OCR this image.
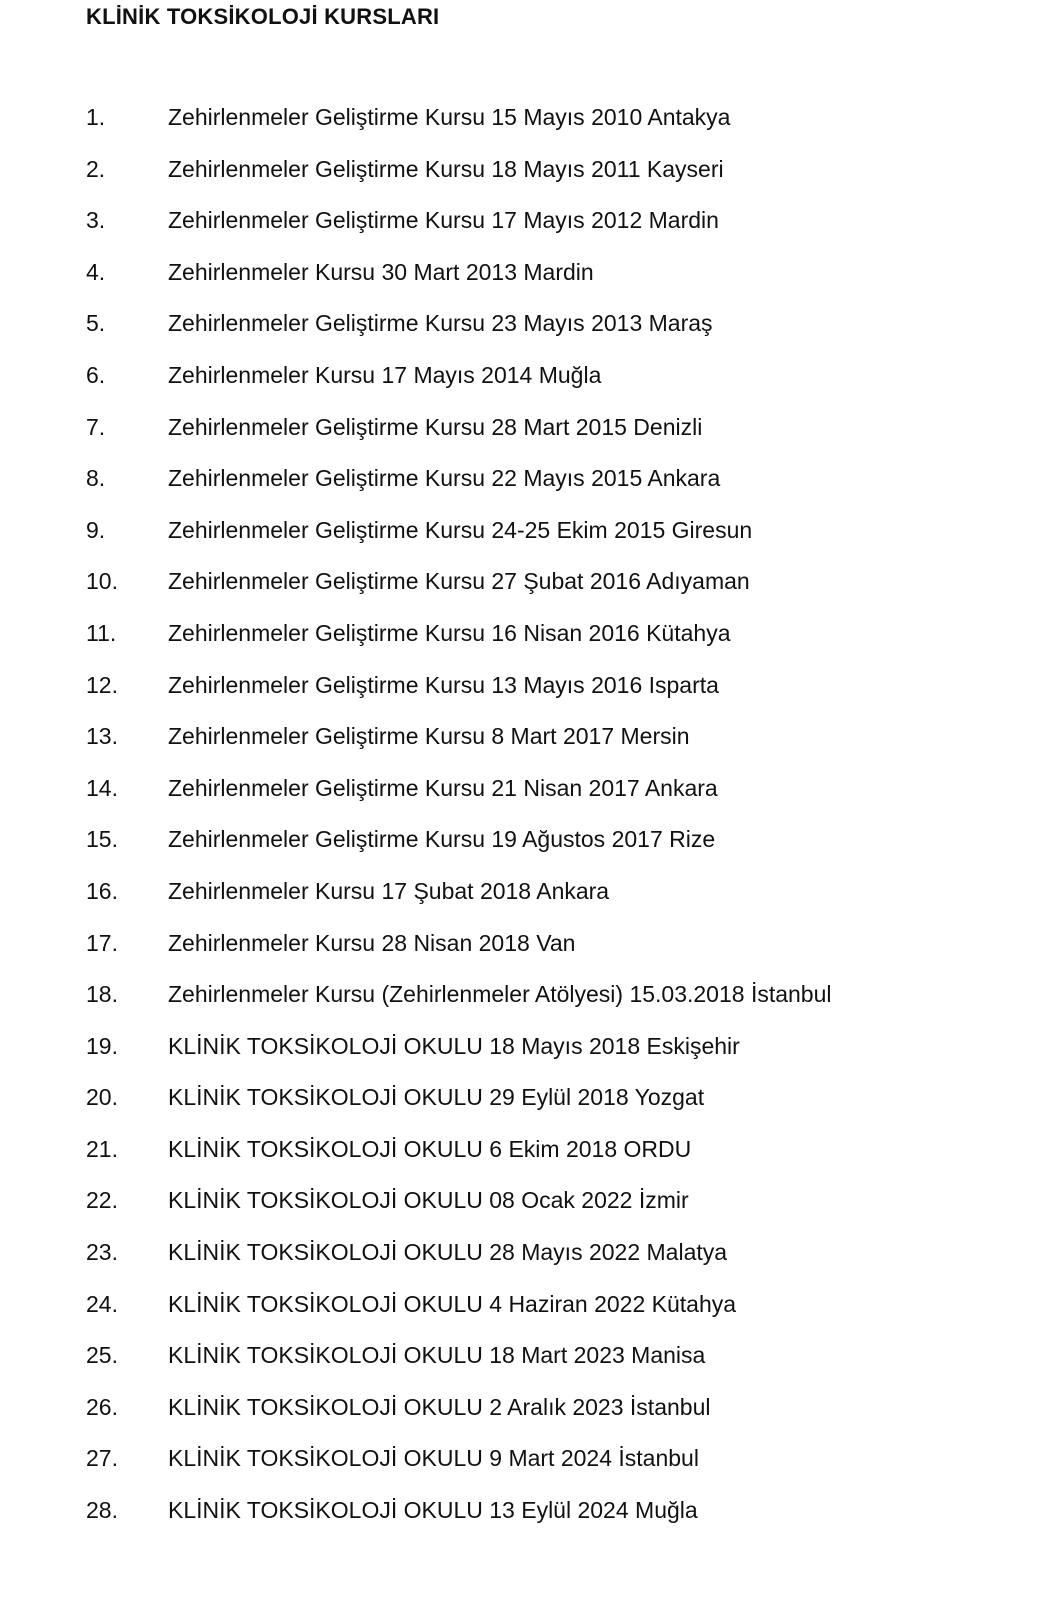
KLİNİK TOKSİKOLOJİ KURSLARI
1.	Zehirlenmeler Geliştirme Kursu 15 Mayıs 2010 Antakya
2.	Zehirlenmeler Geliştirme Kursu 18 Mayıs 2011 Kayseri
3.	Zehirlenmeler Geliştirme Kursu 17 Mayıs 2012 Mardin
4.	Zehirlenmeler Kursu 30 Mart 2013 Mardin
5.	Zehirlenmeler Geliştirme Kursu 23 Mayıs 2013 Maraş
6.	Zehirlenmeler Kursu 17 Mayıs 2014 Muğla
7.	Zehirlenmeler Geliştirme Kursu 28 Mart 2015 Denizli
8.	Zehirlenmeler Geliştirme Kursu 22 Mayıs 2015 Ankara
9.	Zehirlenmeler Geliştirme Kursu 24-25 Ekim 2015 Giresun
10. Zehirlenmeler Geliştirme Kursu 27 Şubat 2016 Adıyaman
11. Zehirlenmeler Geliştirme Kursu 16 Nisan 2016 Kütahya
12. Zehirlenmeler Geliştirme Kursu 13 Mayıs 2016 Isparta
13. Zehirlenmeler Geliştirme Kursu 8 Mart 2017 Mersin
14. Zehirlenmeler Geliştirme Kursu 21 Nisan 2017 Ankara
15. Zehirlenmeler Geliştirme Kursu 19 Ağustos 2017 Rize
16. Zehirlenmeler Kursu 17 Şubat 2018 Ankara
17. Zehirlenmeler Kursu 28 Nisan 2018 Van
18. Zehirlenmeler Kursu (Zehirlenmeler Atölyesi) 15.03.2018 İstanbul
19. KLİNİK TOKSİKOLOJİ OKULU 18 Mayıs 2018 Eskişehir
20. KLİNİK TOKSİKOLOJİ OKULU 29 Eylül 2018 Yozgat
21. KLİNİK TOKSİKOLOJİ OKULU 6 Ekim 2018 ORDU
22. KLİNİK TOKSİKOLOJİ OKULU 08 Ocak 2022 İzmir
23. KLİNİK TOKSİKOLOJİ OKULU 28 Mayıs 2022 Malatya
24. KLİNİK TOKSİKOLOJİ OKULU 4 Haziran 2022 Kütahya
25. KLİNİK TOKSİKOLOJİ OKULU 18 Mart 2023 Manisa
26. KLİNİK TOKSİKOLOJİ OKULU 2 Aralık 2023 İstanbul
27. KLİNİK TOKSİKOLOJİ OKULU 9 Mart 2024 İstanbul
28. KLİNİK TOKSİKOLOJİ OKULU 13 Eylül 2024 Muğla
